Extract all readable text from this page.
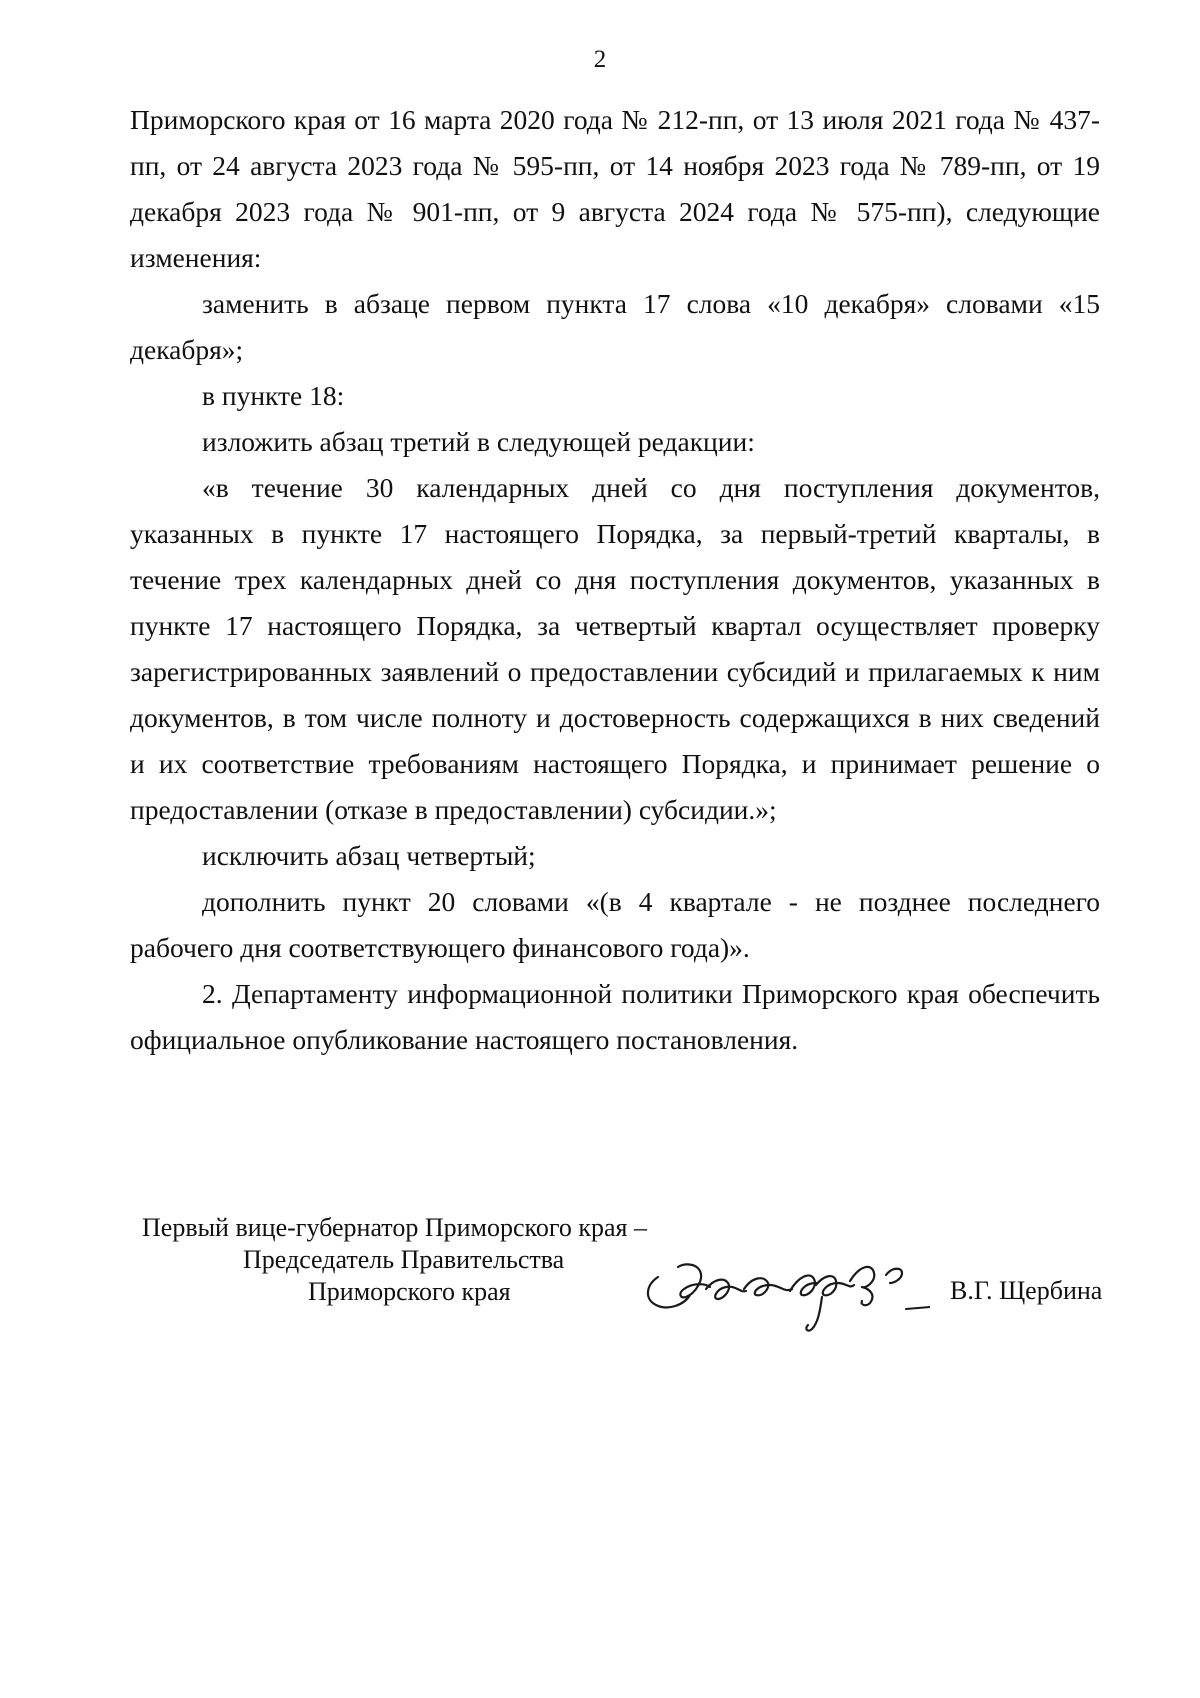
2

Приморского края от 16 марта 2020 года № 212-пп, от 13 июля 2021 года № 437-пп, от 24 августа 2023 года № 595-пп, от 14 ноября 2023 года № 789-пп, от 19 декабря 2023 года № 901-пп, от 9 августа 2024 года № 575-пп), следующие изменения:

заменить в абзаце первом пункта 17 слова «10 декабря» словами «15 декабря»;

в пункте 18:

изложить абзац третий в следующей редакции:

«в течение 30 календарных дней со дня поступления документов, указанных в пункте 17 настоящего Порядка, за первый-третий кварталы, в течение трех календарных дней со дня поступления документов, указанных в пункте 17 настоящего Порядка, за четвертый квартал осуществляет проверку зарегистрированных заявлений о предоставлении субсидий и прилагаемых к ним документов, в том числе полноту и достоверность содержащихся в них сведений и их соответствие требованиям настоящего Порядка, и принимает решение о предоставлении (отказе в предоставлении) субсидии.»;

исключить абзац четвертый;

дополнить пункт 20 словами «(в 4 квартале - не позднее последнего рабочего дня соответствующего финансового года)».

2. Департаменту информационной политики Приморского края обеспечить официальное опубликование настоящего постановления.

Первый вице-губернатор Приморского края –
Председатель Правительства
Приморского края	В.Г. Щербина
